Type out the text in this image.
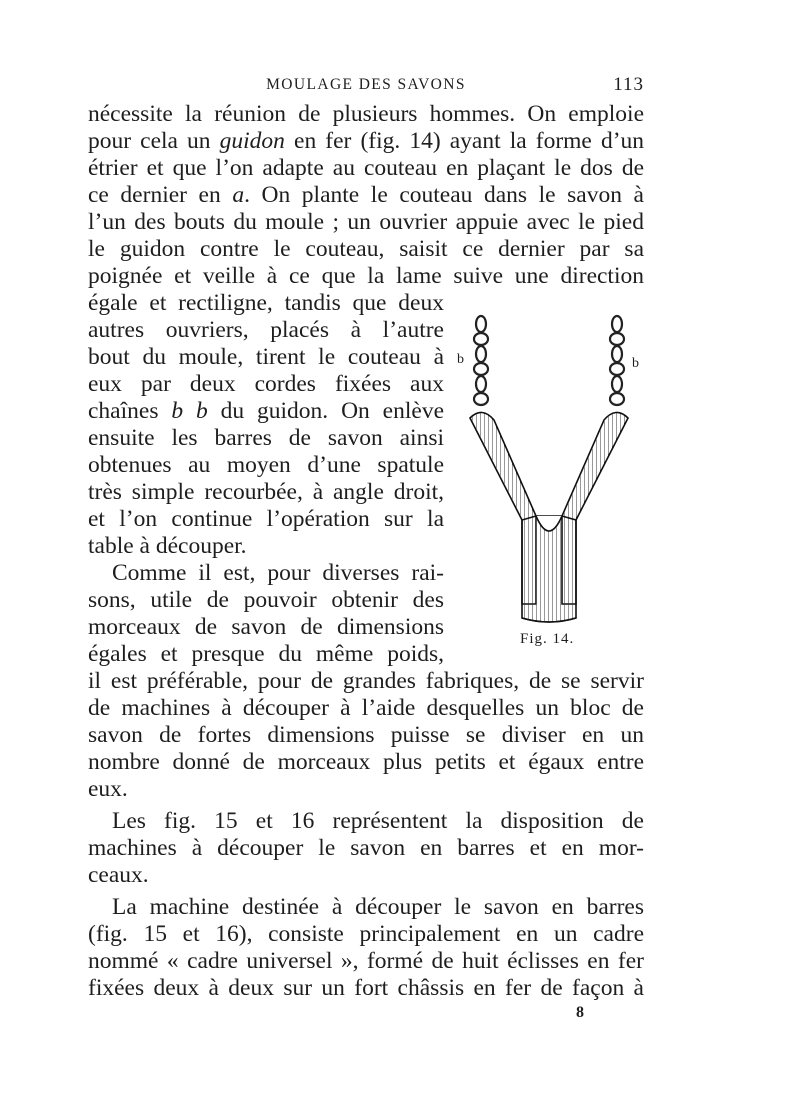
MOULAGE DES SAVONS	113
nécessite la réunion de plusieurs hommes. On emploie
pour cela un guidon en fer (fig. 14) ayant la forme d’un
étrier et que l’on adapte au couteau en plaçant le dos de
ce dernier en a. On plante le couteau dans le savon à
l’un des bouts du moule ; un ouvrier appuie avec le pied
le guidon contre le couteau, saisit ce dernier par sa
poignée et veille à ce que la lame suive une direction
égale et rectiligne, tandis que deux
autres ouvriers, placés à l’autre
bout du moule, tirent le couteau à
eux par deux cordes fixées aux
chaînes b b du guidon. On enlève
ensuite les barres de savon ainsi
obtenues au moyen d’une spatule
très simple recourbée, à angle droit,
et l’on continue l’opération sur la
table à découper.
Comme il est, pour diverses rai-
sons, utile de pouvoir obtenir des
morceaux de savon de dimensions
égales et presque du même poids,
il est préférable, pour de grandes fabriques, de se servir
de machines à découper à l’aide desquelles un bloc de
savon de fortes dimensions puisse se diviser en un
nombre donné de morceaux plus petits et égaux entre
eux.
Les fig. 15 et 16 représentent la disposition de
machines à découper le savon en barres et en mor-
ceaux.
La machine destinée à découper le savon en barres
(fig. 15 et 16), consiste principalement en un cadre
nommé « cadre universel », formé de huit éclisses en fer
fixées deux à deux sur un fort châssis en fer de façon à
b	b
Fig. 14.
8
